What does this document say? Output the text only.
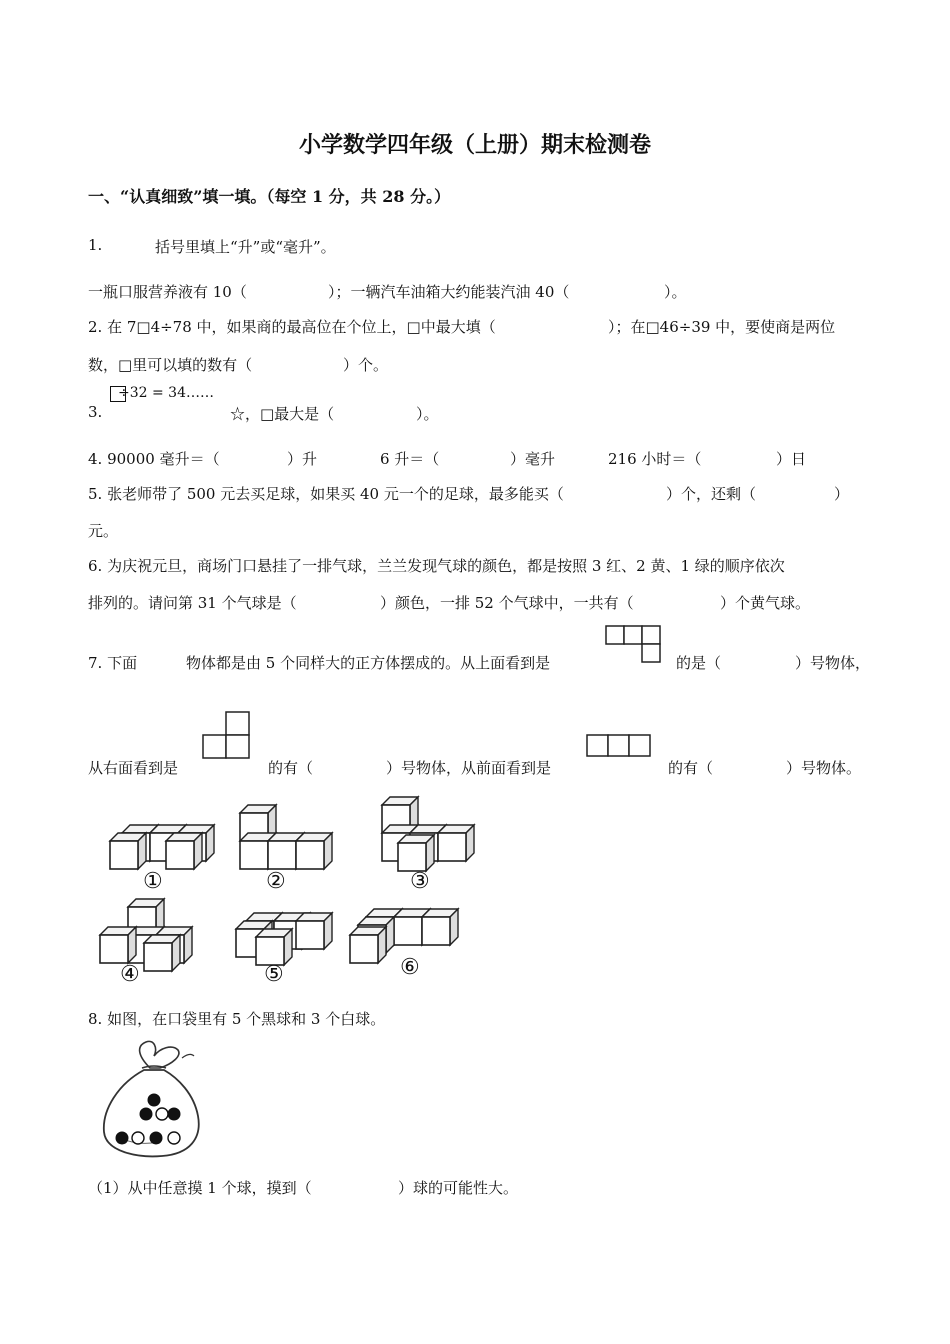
小学数学四年级（上册）期末检测卷
一、“认真细致”填一填。（每空 1 分，共 28 分。）
1.	括号里填上“升”或“毫升”。
一瓶口服营养液有 10（	）；一辆汽车油箱大约能装汽油 40（	）。
2. 在 7□4÷78 中，如果商的最高位在个位上，□中最大填（	）；在□46÷39 中，要使商是两位
数，□里可以填的数有（	）个。
÷32 = 34……
3.	☆，□最大是（	）。
4. 90000 毫升＝（	）升	6 升＝（	）毫升	216 小时＝（	）日
5. 张老师带了 500 元去买足球，如果买 40 元一个的足球，最多能买（	）个，还剩（	）
元。
6. 为庆祝元旦，商场门口悬挂了一排气球，兰兰发现气球的颜色，都是按照 3 红、2 黄、1 绿的顺序依次
排列的。请问第 31 个气球是（	）颜色，一排 52 个气球中，一共有（	）个黄气球。
7. 下面	物体都是由 5 个同样大的正方体摆成的。从上面看到是	的是（	）号物体，
从右面看到是	的有（	）号物体，从前面看到是	的有（	）号物体。
①	②	③
④	⑤	⑥
8. 如图，在口袋里有 5 个黑球和 3 个白球。
（1）从中任意摸 1 个球，摸到（	）球的可能性大。
